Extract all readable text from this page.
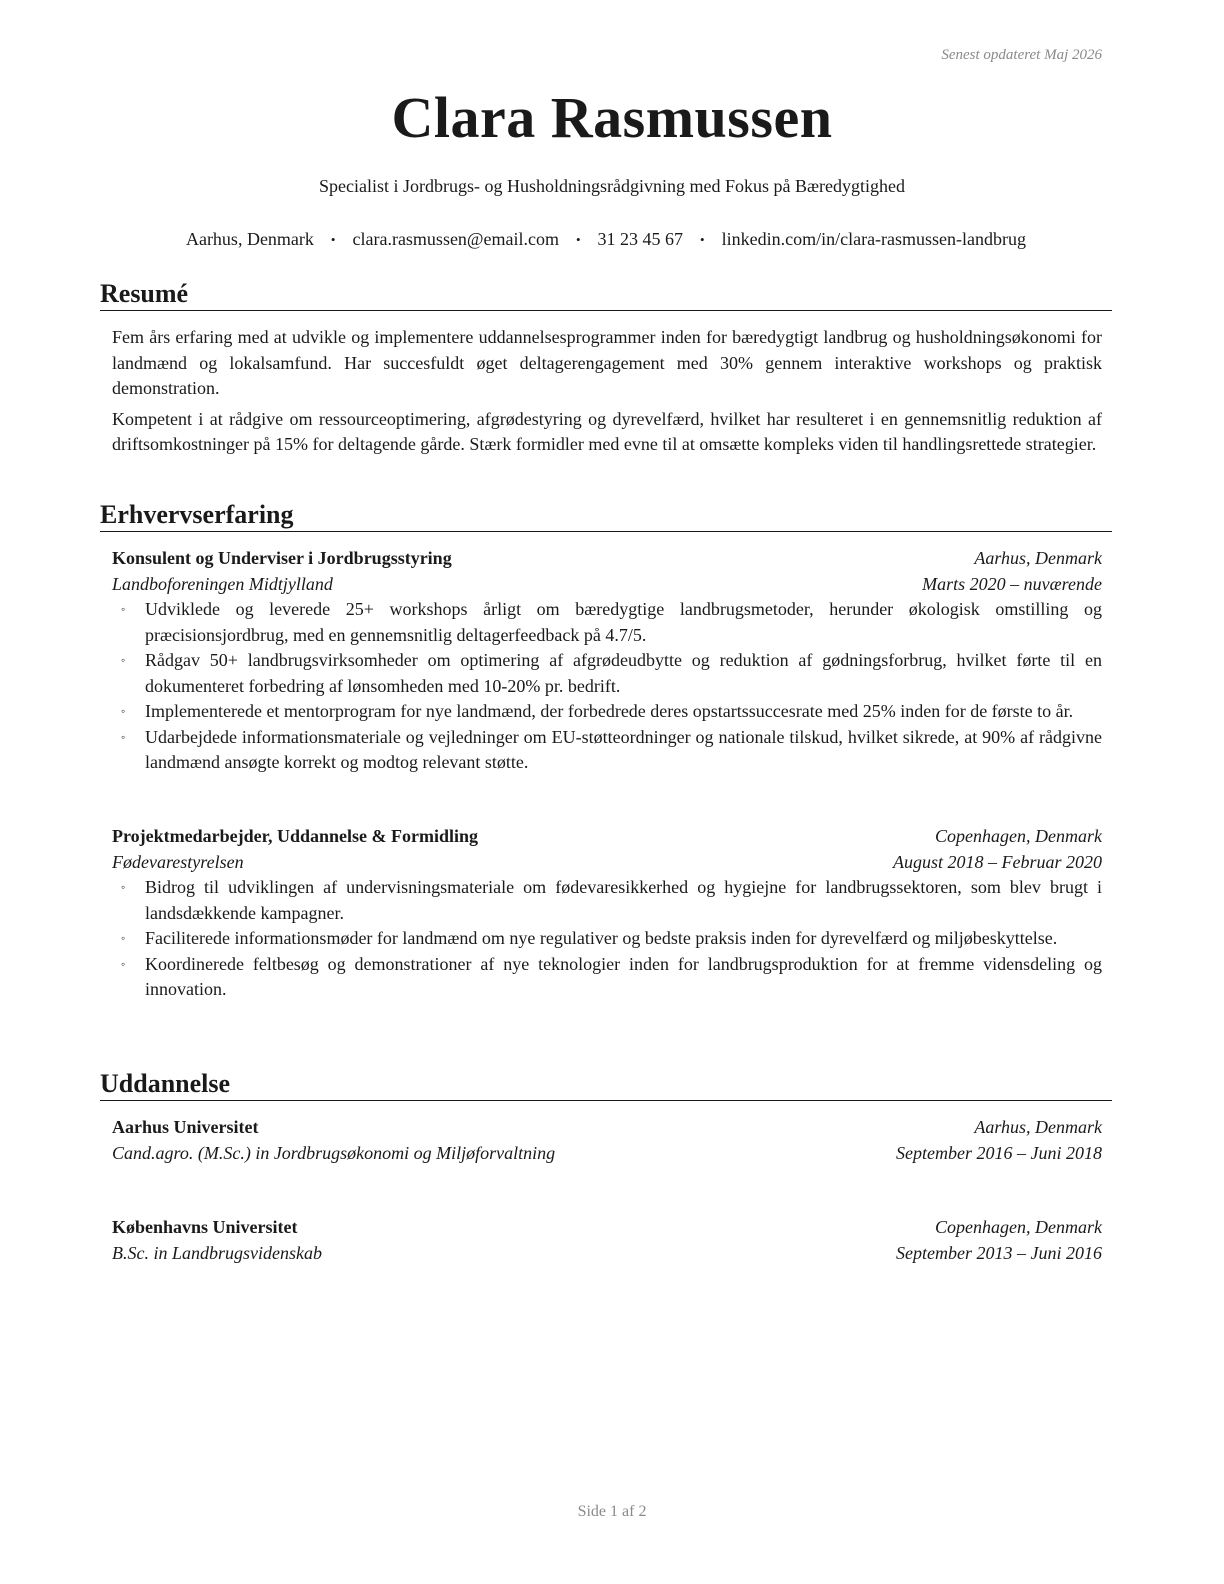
Senest opdateret Maj 2026
Clara Rasmussen
Specialist i Jordbrugs- og Husholdningsrådgivning med Fokus på Bæredygtighed
Aarhus, Denmark • clara.rasmussen@email.com • 31 23 45 67 • linkedin.com/in/clara-rasmussen-landbrug
Resumé

Fem års erfaring med at udvikle og implementere uddannelsesprogrammer inden for bæredygtigt landbrug og husholdningsøkonomi for landmænd og lokalsamfund. Har succesfuldt øget deltagerengagement med 30% gennem interaktive workshops og praktisk demonstration.

Kompetent i at rådgive om ressourceoptimering, afgrødestyring og dyrevelfærd, hvilket har resulteret i en gennemsnitlig reduktion af driftsomkostninger på 15% for deltagende gårde. Stærk formidler med evne til at omsætte kompleks viden til handlingsrettede strategier.

Erhvervserfaring
Konsulent og Underviser i Jordbrugsstyring	Aarhus, Denmark
Landboforeningen Midtjylland	Marts 2020 – nuværende
◦ Udviklede og leverede 25+ workshops årligt om bæredygtige landbrugsmetoder, herunder økologisk omstilling og præcisionsjordbrug, med en gennemsnitlig deltagerfeedback på 4.7/5.
◦ Rådgav 50+ landbrugsvirksomheder om optimering af afgrødeudbytte og reduktion af gødningsforbrug, hvilket førte til en dokumenteret forbedring af lønsomheden med 10-20% pr. bedrift.
◦ Implementerede et mentorprogram for nye landmænd, der forbedrede deres opstartssuccesrate med 25% inden for de første to år.
◦ Udarbejdede informationsmateriale og vejledninger om EU-støtteordninger og nationale tilskud, hvilket sikrede, at 90% af rådgivne landmænd ansøgte korrekt og modtog relevant støtte.
Projektmedarbejder, Uddannelse & Formidling	Copenhagen, Denmark
Fødevarestyrelsen	August 2018 – Februar 2020
◦ Bidrog til udviklingen af undervisningsmateriale om fødevaresikkerhed og hygiejne for landbrugssektoren, som blev brugt i landsdækkende kampagner.
◦ Faciliterede informationsmøder for landmænd om nye regulativer og bedste praksis inden for dyrevelfærd og miljøbeskyttelse.
◦ Koordinerede feltbesøg og demonstrationer af nye teknologier inden for landbrugsproduktion for at fremme vidensdeling og innovation.
Uddannelse
Aarhus Universitet	Aarhus, Denmark
Cand.agro. (M.Sc.) in Jordbrugsøkonomi og Miljøforvaltning	September 2016 – Juni 2018
Københavns Universitet	Copenhagen, Denmark
B.Sc. in Landbrugsvidenskab	September 2013 – Juni 2016
Side 1 af 2
